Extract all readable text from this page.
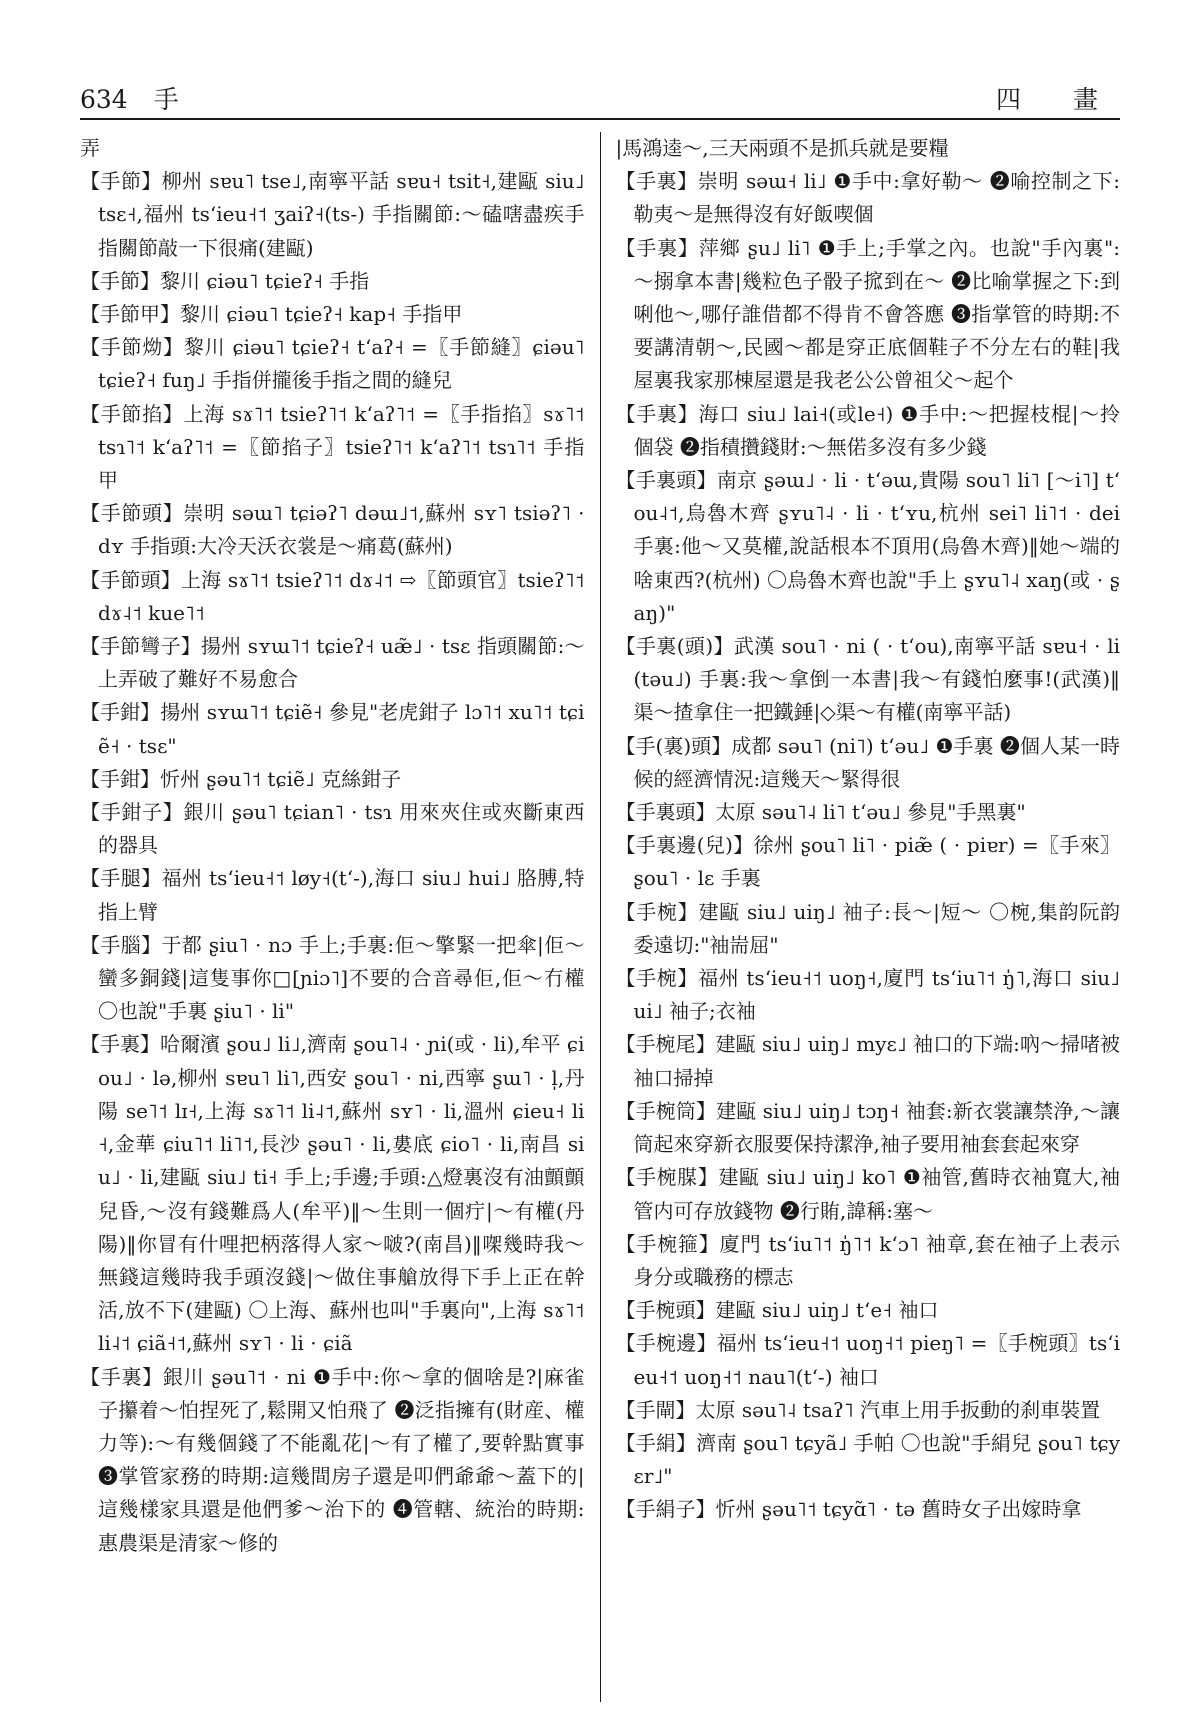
634 手	四 畫

弄

【手節】柳州 sɐu˥ tse˩,南寧平話 sɐu˧ tsit˧,建甌 siu˩ tsɛ˧,福州 tsʻieu˧˦ ʒaiʔ˧(ts-) 手指關節:～磕嗐盡疾手指關節敲一下很痛(建甌)

【手節】黎川 ɕiəu˥ tɕieʔ˧ 手指

【手節甲】黎川 ɕiəu˥ tɕieʔ˧ kap˧ 手指甲

【手節㶭】黎川 ɕiəu˥ tɕieʔ˧ tʻaʔ˧ =〖手節縫〗ɕiəu˥ tɕieʔ˧ fuŋ˩ 手指併攏後手指之間的縫兒

【手節掐】上海 sɤ˥˦ tsieʔ˥˦ kʻaʔ˥˦ =〖手指掐〗sɤ˥˦ tsɿ˥˦ kʻaʔ˥˦ =〖節掐子〗tsieʔ˥˦ kʻaʔ˥˦ tsɿ˥˦ 手指甲

【手節頭】崇明 səɯ˥ tɕiəʔ˥ dəɯ˩˦,蘇州 sʏ˥ tsiəʔ˥ · dʏ 手指頭:大冷天沃衣裳是～痛葛(蘇州)

【手節頭】上海 sɤ˥˦ tsieʔ˥˦ dɤ˨˦ ⇨〖節頭官〗tsieʔ˥˦ dɤ˨˦ kue˥˦

【手節彎子】揚州 sʏɯ˥˦ tɕieʔ˧ uæ̃˩ · tsɛ 指頭關節:～上弄破了難好不易愈合

【手鉗】揚州 sʏɯ˥˦ tɕiẽ˧ 參見"老虎鉗子 lɔ˥˦ xu˥˦ tɕiẽ˧ · tsɛ"

【手鉗】忻州 ʂəu˥˦ tɕiẽ˩ 克絲鉗子

【手鉗子】銀川 ʂəu˥ tɕian˥ · tsɿ 用來夾住或夾斷東西的器具

【手腿】福州 tsʻieu˧˦ løy˧(tʻ-),海口 siu˩ hui˩ 胳膊,特指上臂

【手腦】于都 ʂiu˥ · nɔ 手上;手裏:佢～擎緊一把傘|佢～蠻多銅錢|這隻事你□[ɲiɔ˥]不要的合音尋佢,佢～冇權 〇也說"手裏 ʂiu˥ · li"

【手裏】哈爾濱 ʂou˩ li˩,濟南 ʂou˥˨ · ɲi(或 · li),牟平 ɕiou˩ · lə,柳州 sɐu˥ li˥,西安 ʂou˥ · ni,西寧 ʂɯ˥ · l̩,丹陽 se˥˦ lɪ˧,上海 sɤ˥˦ li˨˦,蘇州 sʏ˥ · li,溫州 ɕieu˧ li˧,金華 ɕiu˥˦ li˥˦,長沙 ʂəu˥ · li,婁底 ɕio˥ · li,南昌 siu˩ · li,建甌 siu˩ ti˧ 手上;手邊;手頭:△燈裏沒有油顫顫兒昏,～沒有錢難爲人(牟平)‖～生則一個疔|～有權(丹陽)‖你冒有什哩把柄落得人家～啵?(南昌)‖㗎幾時我～無錢這幾時我手頭沒錢|～做住事艙放得下手上正在幹活,放不下(建甌) 〇上海、蘇州也叫"手裏向",上海 sɤ˥˦ li˨˦ ɕiã˧˦,蘇州 sʏ˥ · li · ɕiã

【手裏】銀川 ʂəu˥˦ · ni ❶手中:你～拿的個啥是?|麻雀子攥着～怕捏死了,鬆開又怕飛了 ❷泛指擁有(財産、權力等):～有幾個錢了不能亂花|～有了權了,要幹點實事 ❸掌管家務的時期:這幾間房子還是叩們爺爺～蓋下的|這幾樣家具還是他們爹～治下的 ❹管轄、統治的時期:惠農渠是清家～修的

|馬鴻逵～,三天兩頭不是抓兵就是要糧

【手裏】崇明 səɯ˧ li˩ ❶手中:拿好勒～ ❷喻控制之下:勒夷～是無得沒有好飯喫個

【手裏】萍鄉 ʂu˩ li˥ ❶手上;手掌之內。也說"手內裏":～搦拿本書|幾粒色子骰子搲到在～ ❷比喻掌握之下:到唎他～,哪仔誰借都不得肯不會答應 ❸指掌管的時期:不要講清朝～,民國～都是穿正底個鞋子不分左右的鞋|我屋裏我家那棟屋還是我老公公曾祖父～起个

【手裏】海口 siu˩ lai˧(或le˧) ❶手中:～把握枝棍|～拎個袋 ❷指積攢錢財:～無偌多沒有多少錢

【手裏頭】南京 ʂəɯ˩ · li · tʻəɯ,貴陽 sou˥ li˥ [～i˥] tʻou˨˦,烏魯木齊 ʂʏu˥˨ · li · tʻʏu,杭州 sei˥ li˥˦ · dei 手裏:他～又莫權,說話根本不頂用(烏魯木齊)‖她～端的啥東西?(杭州) 〇烏魯木齊也說"手上 ʂʏu˥˨ xaŋ(或 · ʂaŋ)"

【手裏(頭)】武漢 sou˥ · ni ( · tʻou),南寧平話 sɐu˧ · li (təu˩) 手裏:我～拿倒一本書|我～有錢怕麼事!(武漢)‖渠～揸拿住一把鐵錘|◇渠～有權(南寧平話)

【手(裏)頭】成都 səu˥ (ni˥) tʻəu˩ ❶手裏 ❷個人某一時候的經濟情況:這幾天～緊得很

【手裏頭】太原 səu˥˨ li˥ tʻəu˩ 參見"手黑裏"

【手裏邊(兒)】徐州 ʂou˥ li˥ · piæ̃ ( · piɐr) =〖手來〗ʂou˥ · lɛ 手裏

【手椀】建甌 siu˩ uiŋ˩ 袖子:長～|短～ 〇椀,集韵阮韵委遠切:"袖耑屈"

【手椀】福州 tsʻieu˧˦ uoŋ˧,廈門 tsʻiu˥˦ ŋ̍˥,海口 siu˩ ui˩ 袖子;衣袖

【手椀尾】建甌 siu˩ uiŋ˩ myɛ˩ 袖口的下端:吶～掃啫被袖口掃掉

【手椀筒】建甌 siu˩ uiŋ˩ tɔŋ˧ 袖套:新衣裳讓禁浄,～讓筒起來穿新衣服要保持潔浄,袖子要用袖套套起來穿

【手椀腜】建甌 siu˩ uiŋ˩ ko˥ ❶袖管,舊時衣袖寬大,袖管内可存放錢物 ❷行賄,諱稱:塞～

【手椀箍】廈門 tsʻiu˥˦ ŋ̍˥˦ kʻɔ˥ 袖章,套在袖子上表示身分或職務的標志

【手椀頭】建甌 siu˩ uiŋ˩ tʻe˧ 袖口

【手椀邊】福州 tsʻieu˧˦ uoŋ˧˦ pieŋ˥ =〖手椀頭〗tsʻieu˧˦ uoŋ˧˦ nau˥(tʻ-) 袖口

【手閘】太原 səu˥˨ tsaʔ˥ 汽車上用手扳動的刹車裝置

【手絹】濟南 ʂou˥ tɕyã˩ 手帕 〇也說"手絹兒 ʂou˥ tɕyɛr˩"

【手絹子】忻州 ʂəu˥˦ tɕyɑ̃˥ · tə 舊時女子出嫁時拿
